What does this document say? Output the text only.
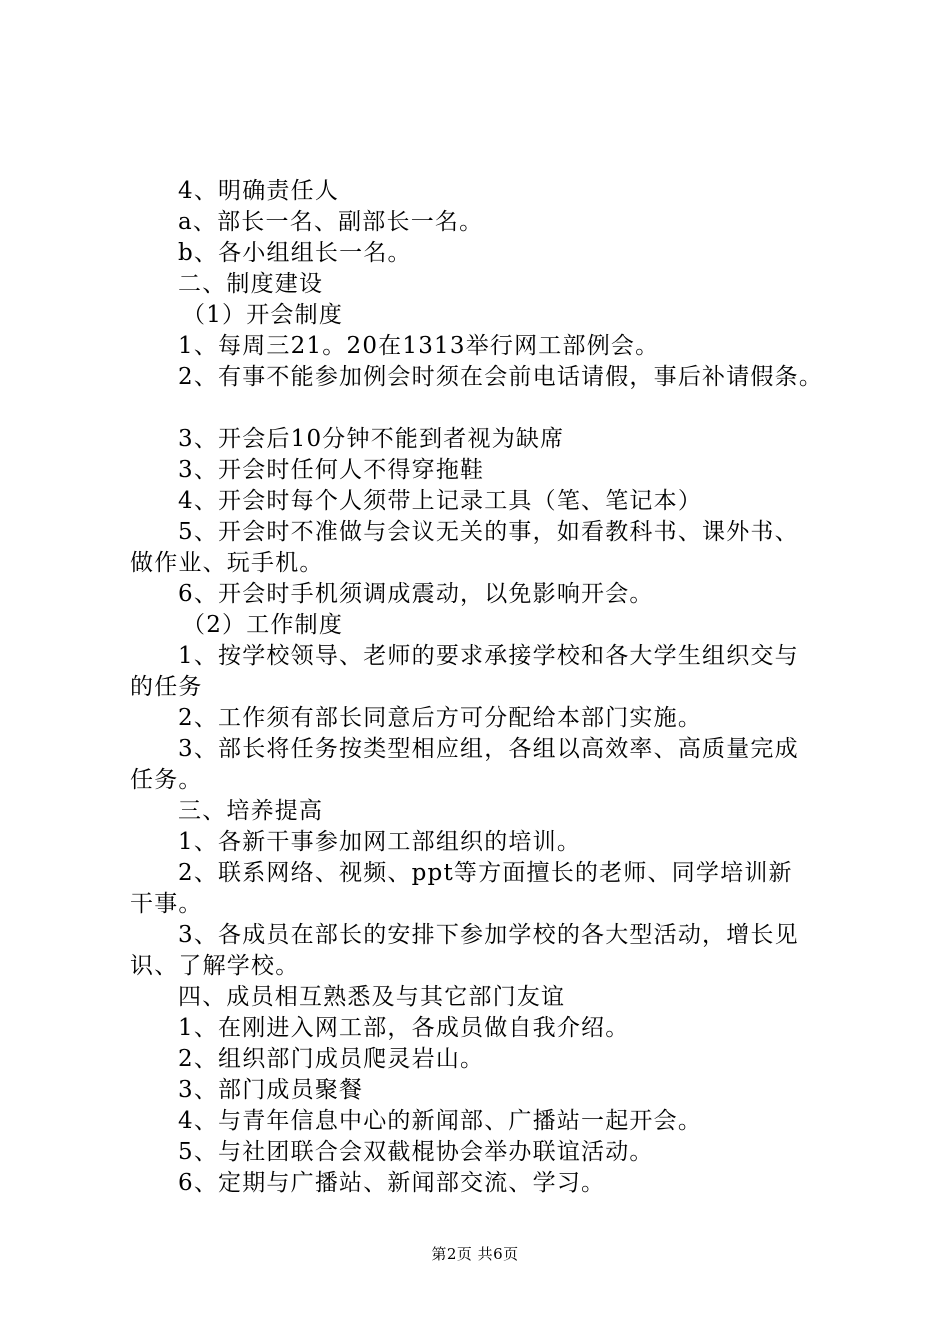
4、明确责任人
a、部长一名、副部长一名。
b、各小组组长一名。
二、制度建设
（1）开会制度
1、每周三21。20在1313举行网工部例会。
2、有事不能参加例会时须在会前电话请假，事后补请假条。
3、开会后10分钟不能到者视为缺席
3、开会时任何人不得穿拖鞋
4、开会时每个人须带上记录工具（笔、笔记本）
5、开会时不准做与会议无关的事，如看教科书、课外书、
做作业、玩手机。
6、开会时手机须调成震动，以免影响开会。
（2）工作制度
1、按学校领导、老师的要求承接学校和各大学生组织交与
的任务
2、工作须有部长同意后方可分配给本部门实施。
3、部长将任务按类型相应组，各组以高效率、高质量完成
任务。
三、培养提高
1、各新干事参加网工部组织的培训。
2、联系网络、视频、ppt等方面擅长的老师、同学培训新
干事。
3、各成员在部长的安排下参加学校的各大型活动，增长见
识、了解学校。
四、成员相互熟悉及与其它部门友谊
1、在刚进入网工部，各成员做自我介绍。
2、组织部门成员爬灵岩山。
3、部门成员聚餐
4、与青年信息中心的新闻部、广播站一起开会。
5、与社团联合会双截棍协会举办联谊活动。
6、定期与广播站、新闻部交流、学习。
第2页 共6页
